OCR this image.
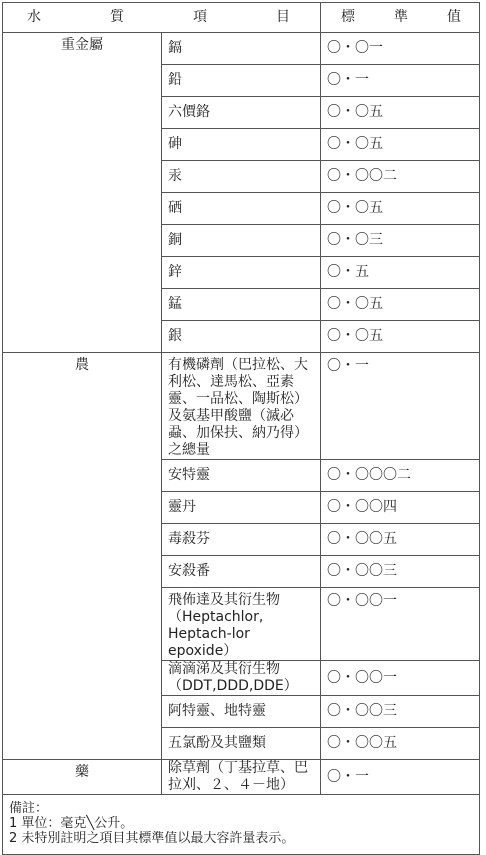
水 質 項 目		標 準 值

重金屬	鎘	〇・〇一
	鉛	〇・一
	六價鉻	〇・〇五
	砷	〇・〇五
	汞	〇・〇〇二
	硒	〇・〇五
	銅	〇・〇三
	鋅	〇・五
	錳	〇・〇五
	銀	〇・〇五

農	有機磷劑（巴拉松、大利松、達馬松、亞素靈、一品松、陶斯松）及氨基甲酸鹽（滅必蝨、加保扶、納乃得）之總量	〇・一
	安特靈	〇・〇〇〇二
	靈丹	〇・〇〇四
	毒殺芬	〇・〇〇五
	安殺番	〇・〇〇三
	飛佈達及其衍生物（Heptachlor, Heptach-lor epoxide）	〇・〇〇一
	滴滴涕及其衍生物（DDT,DDD,DDE）	〇・〇〇一
	阿特靈、地特靈	〇・〇〇三
	五氯酚及其鹽類	〇・〇〇五

藥	除草劑（丁基拉草、巴拉刈、２、４－地）	〇・一
備註：
1 單位：毫克╲公升。
2 未特別註明之項目其標準值以最大容許量表示。
